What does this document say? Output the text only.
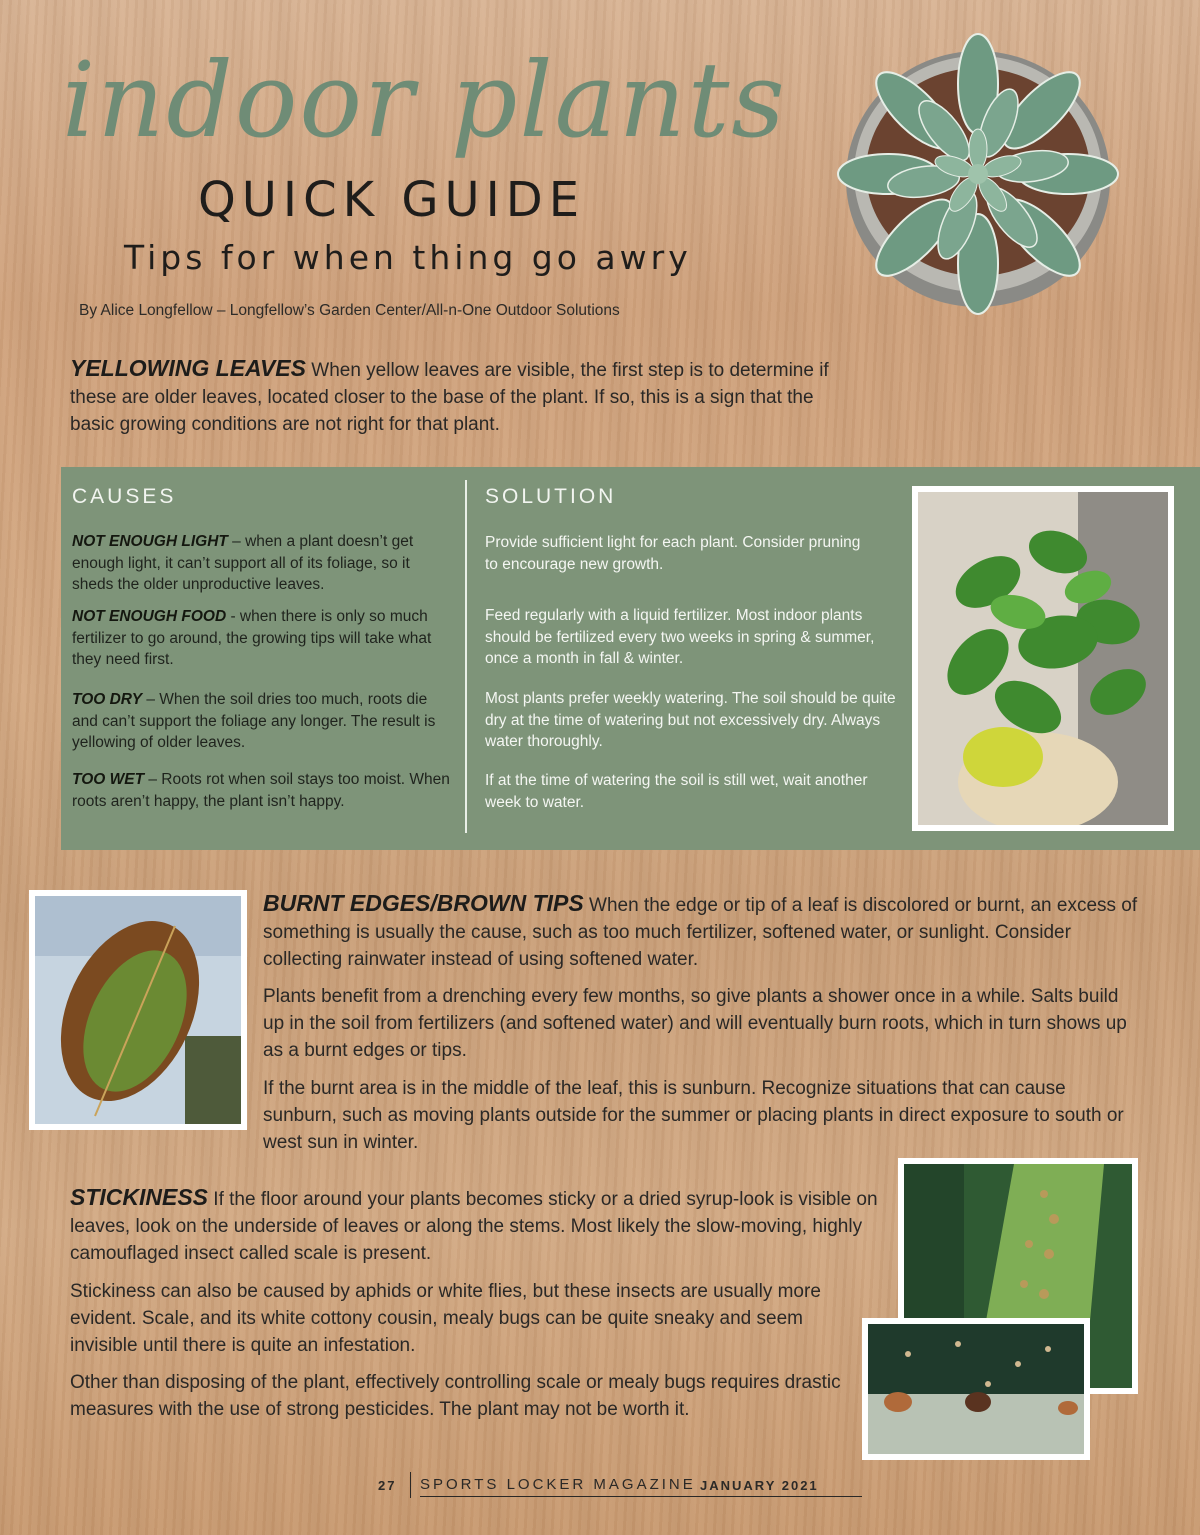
indoor plants
QUICK GUIDE
Tips for when thing go awry
By Alice Longfellow – Longfellow’s Garden Center/All-n-One Outdoor Solutions
YELLOWING LEAVES When yellow leaves are visible, the first step is to determine if these are older leaves, located closer to the base of the plant. If so, this is a sign that the basic growing conditions are not right for that plant.
CAUSES	SOLUTION
NOT ENOUGH LIGHT – when a plant doesn’t get enough light, it can’t support all of its foliage, so it sheds the older unproductive leaves.
NOT ENOUGH FOOD - when there is only so much fertilizer to go around, the growing tips will take what they need first.
TOO DRY – When the soil dries too much, roots die and can’t support the foliage any longer. The result is yellowing of older leaves.
TOO WET – Roots rot when soil stays too moist. When roots aren’t happy, the plant isn’t happy.
Provide sufficient light for each plant. Consider pruning to encourage new growth.
Feed regularly with a liquid fertilizer. Most indoor plants should be fertilized every two weeks in spring & summer, once a month in fall & winter.
Most plants prefer weekly watering. The soil should be quite dry at the time of watering but not excessively dry. Always water thoroughly.
If at the time of watering the soil is still wet, wait another week to water.
BURNT EDGES/BROWN TIPS When the edge or tip of a leaf is discolored or burnt, an excess of something is usually the cause, such as too much fertilizer, softened water, or sunlight. Consider collecting rainwater instead of using softened water.
Plants benefit from a drenching every few months, so give plants a shower once in a while. Salts build up in the soil from fertilizers (and softened water) and will eventually burn roots, which in turn shows up as a burnt edges or tips.
If the burnt area is in the middle of the leaf, this is sunburn. Recognize situations that can cause sunburn, such as moving plants outside for the summer or placing plants in direct exposure to south or west sun in winter.
STICKINESS If the floor around your plants becomes sticky or a dried syrup-look is visible on leaves, look on the underside of leaves or along the stems. Most likely the slow-moving, highly camouflaged insect called scale is present.
Stickiness can also be caused by aphids or white flies, but these insects are usually more evident. Scale, and its white cottony cousin, mealy bugs can be quite sneaky and seem invisible until there is quite an infestation.
Other than disposing of the plant, effectively controlling scale or mealy bugs requires drastic measures with the use of strong pesticides. The plant may not be worth it.
27 SPORTS LOCKER MAGAZINE JANUARY 2021
